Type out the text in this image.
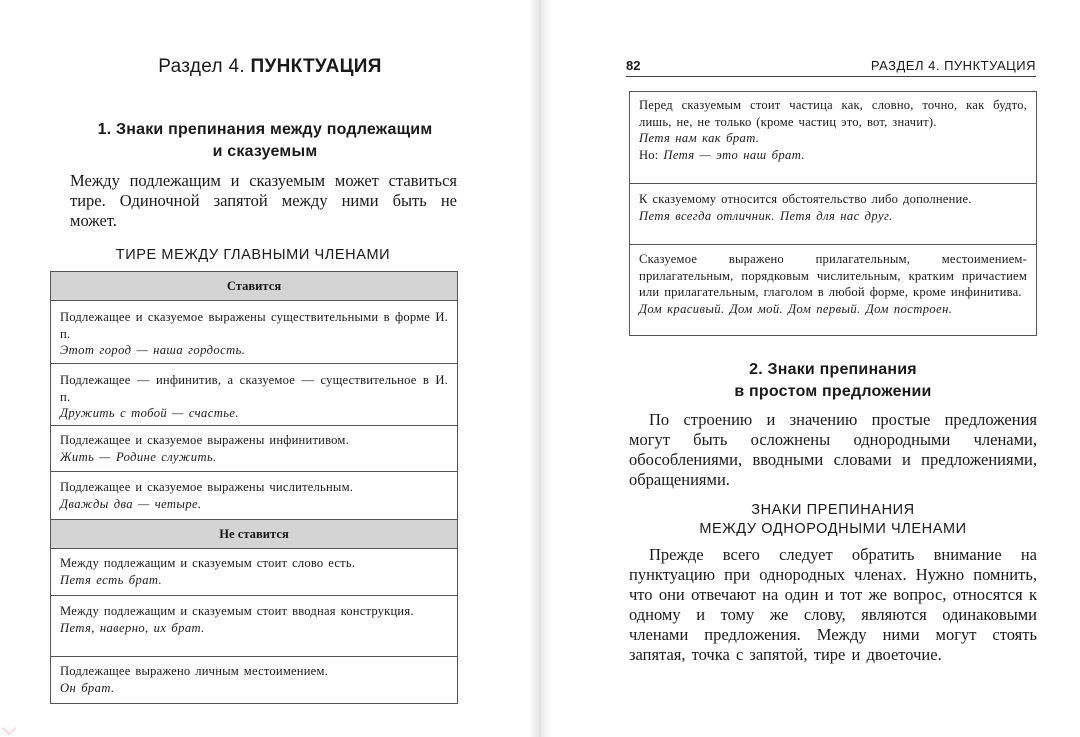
Раздел 4. ПУНКТУАЦИЯ
1. Знаки препинания между подлежащим
и сказуемым
Между подлежащим и сказуемым может ставиться тире. Одиночной запятой между ними быть не может.
ТИРЕ МЕЖДУ ГЛАВНЫМИ ЧЛЕНАМИ
Ставится
Подлежащее и сказуемое выражены существительными в форме И. п.
Этот город — наша гордость.
Подлежащее — инфинитив, а сказуемое — существительное в И. п.
Дружить с тобой — счастье.
Подлежащее и сказуемое выражены инфинитивом.
Жить — Родине служить.
Подлежащее и сказуемое выражены числительным.
Дважды два — четыре.
Не ставится
Между подлежащим и сказуемым стоит слово есть.
Петя есть брат.
Между подлежащим и сказуемым стоит вводная конструкция.
Петя, наверно, их брат.
Подлежащее выражено личным местоимением.
Он брат.
82	РАЗДЕЛ 4. ПУНКТУАЦИЯ
Перед сказуемым стоит частица как, словно, точно, как будто, лишь, не, не только (кроме частиц это, вот, значит).
Петя нам как брат.
Но: Петя — это наш брат.
К сказуемому относится обстоятельство либо дополнение.
Петя всегда отличник. Петя для нас друг.
Сказуемое выражено прилагательным, местоимением-прилагательным, порядковым числительным, кратким причастием или прилагательным, глаголом в любой форме, кроме инфинитива.
Дом красивый. Дом мой. Дом первый. Дом построен.
2. Знаки препинания
в простом предложении
По строению и значению простые предложения могут быть осложнены однородными членами, обособлениями, вводными словами и предложениями, обращениями.
ЗНАКИ ПРЕПИНАНИЯ
МЕЖДУ ОДНОРОДНЫМИ ЧЛЕНАМИ
Прежде всего следует обратить внимание на пунктуацию при однородных членах. Нужно помнить, что они отвечают на один и тот же вопрос, относятся к одному и тому же слову, являются одинаковыми членами предложения. Между ними могут стоять запятая, точка с запятой, тире и двоеточие.
